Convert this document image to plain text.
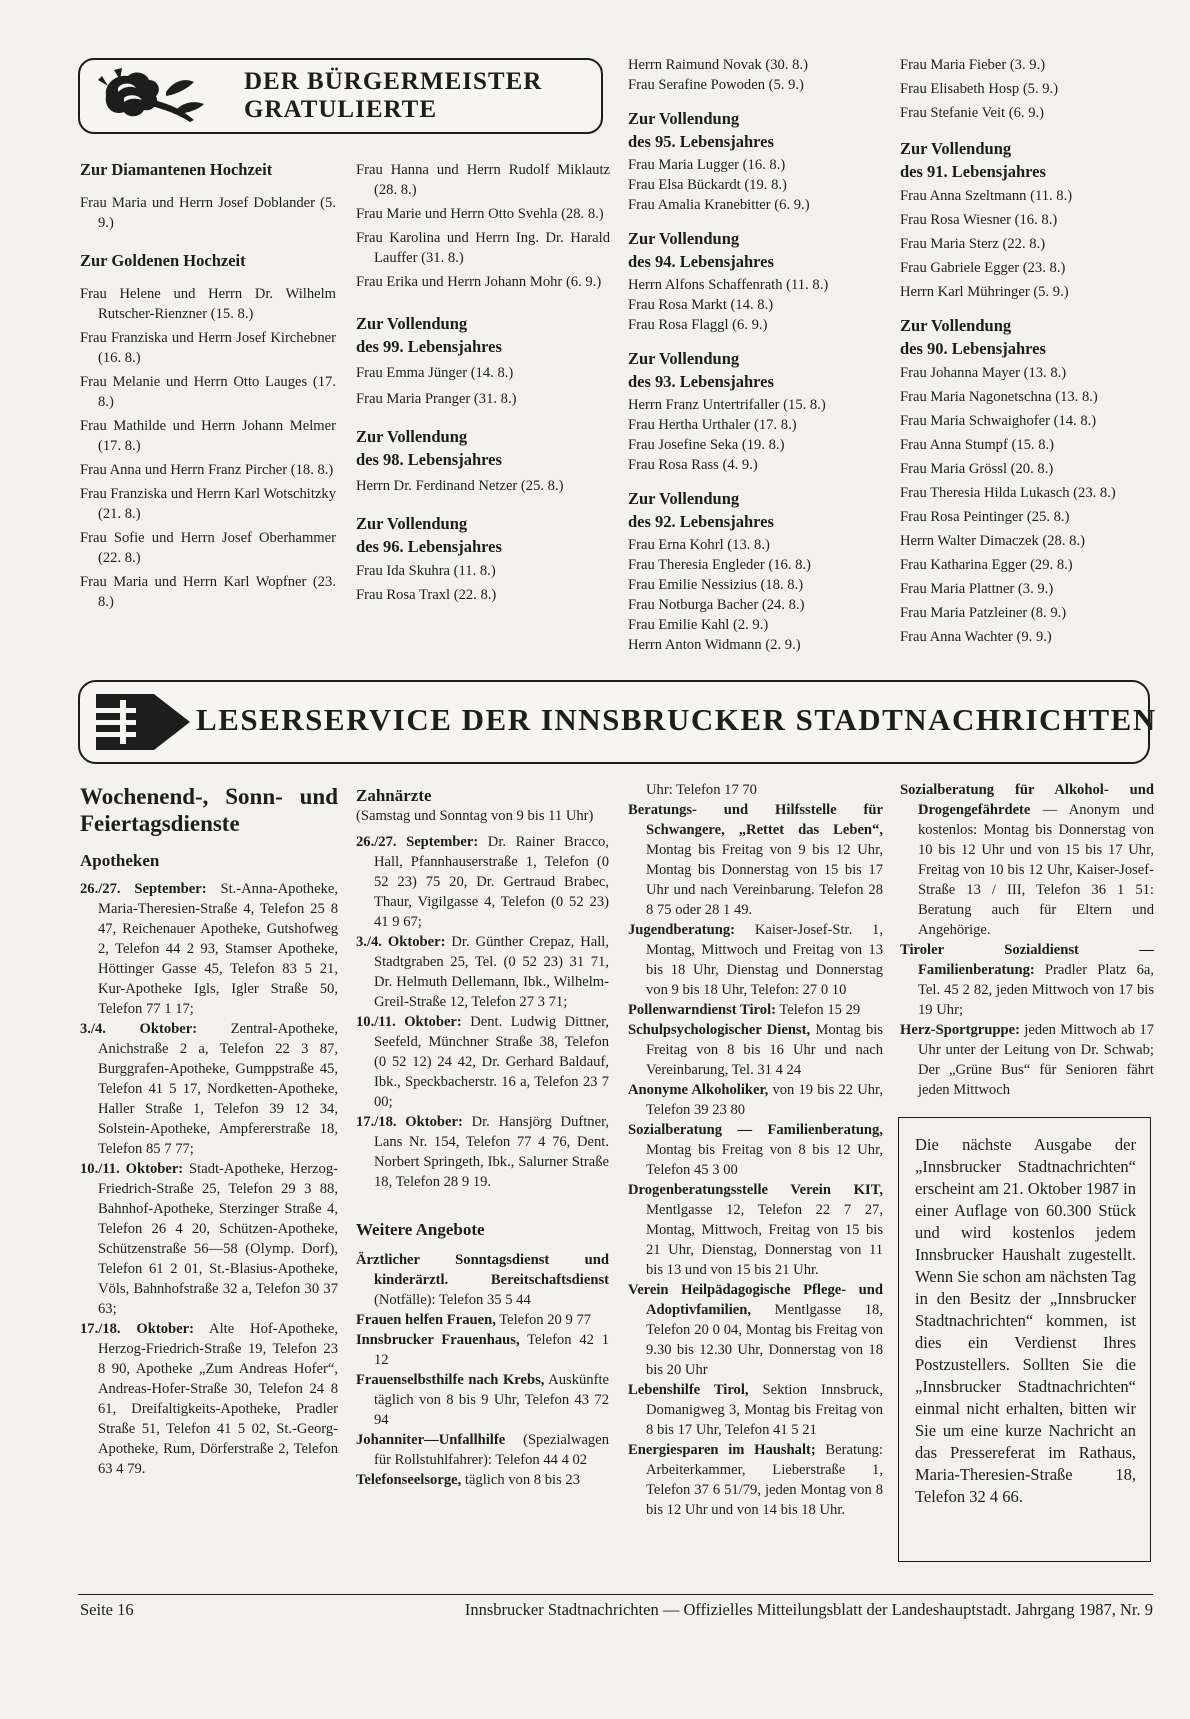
DER BÜRGERMEISTER
GRATULIERTE
Zur Diamantenen Hochzeit

Frau Maria und Herrn Josef Doblander (5. 9.)

Zur Goldenen Hochzeit

Frau Helene und Herrn Dr. Wilhelm Rutscher-Rienzner (15. 8.)

Frau Franziska und Herrn Josef Kirchebner (16. 8.)

Frau Melanie und Herrn Otto Lauges (17. 8.)

Frau Mathilde und Herrn Johann Melmer (17. 8.)

Frau Anna und Herrn Franz Pircher (18. 8.)

Frau Franziska und Herrn Karl Wotschitzky (21. 8.)

Frau Sofie und Herrn Josef Oberhammer (22. 8.)

Frau Maria und Herrn Karl Wopfner (23. 8.)

Frau Hanna und Herrn Rudolf Miklautz (28. 8.)

Frau Marie und Herrn Otto Svehla (28. 8.)

Frau Karolina und Herrn Ing. Dr. Harald Lauffer (31. 8.)

Frau Erika und Herrn Johann Mohr (6. 9.)

Zur Vollendung
des 99. Lebensjahres

Frau Emma Jünger (14. 8.)

Frau Maria Pranger (31. 8.)

Zur Vollendung
des 98. Lebensjahres

Herrn Dr. Ferdinand Netzer (25. 8.)

Zur Vollendung
des 96. Lebensjahres

Frau Ida Skuhra (11. 8.)

Frau Rosa Traxl (22. 8.)

Herrn Raimund Novak (30. 8.)

Frau Serafine Powoden (5. 9.)

Zur Vollendung
des 95. Lebensjahres

Frau Maria Lugger (16. 8.)

Frau Elsa Bückardt (19. 8.)

Frau Amalia Kranebitter (6. 9.)

Zur Vollendung
des 94. Lebensjahres

Herrn Alfons Schaffenrath (11. 8.)

Frau Rosa Markt (14. 8.)

Frau Rosa Flaggl (6. 9.)

Zur Vollendung
des 93. Lebensjahres

Herrn Franz Untertrifaller (15. 8.)

Frau Hertha Urthaler (17. 8.)

Frau Josefine Seka (19. 8.)

Frau Rosa Rass (4. 9.)

Zur Vollendung
des 92. Lebensjahres

Frau Erna Kohrl (13. 8.)

Frau Theresia Engleder (16. 8.)

Frau Emilie Nessizius (18. 8.)

Frau Notburga Bacher (24. 8.)

Frau Emilie Kahl (2. 9.)

Herrn Anton Widmann (2. 9.)

Frau Maria Fieber (3. 9.)

Frau Elisabeth Hosp (5. 9.)

Frau Stefanie Veit (6. 9.)

Zur Vollendung
des 91. Lebensjahres

Frau Anna Szeltmann (11. 8.)

Frau Rosa Wiesner (16. 8.)

Frau Maria Sterz (22. 8.)

Frau Gabriele Egger (23. 8.)

Herrn Karl Mühringer (5. 9.)

Zur Vollendung
des 90. Lebensjahres

Frau Johanna Mayer (13. 8.)

Frau Maria Nagonetschna (13. 8.)

Frau Maria Schwaighofer (14. 8.)

Frau Anna Stumpf (15. 8.)

Frau Maria Grössl (20. 8.)

Frau Theresia Hilda Lukasch (23. 8.)

Frau Rosa Peintinger (25. 8.)

Herrn Walter Dimaczek (28. 8.)

Frau Katharina Egger (29. 8.)

Frau Maria Plattner (3. 9.)

Frau Maria Patzleiner (8. 9.)

Frau Anna Wachter (9. 9.)

LESERSERVICE DER INNSBRUCKER STADTNACHRICHTEN
Wochenend-, Sonn- und Feiertagsdienste
Apotheken

26./27. September: St.-Anna-Apotheke, Maria-Theresien-Straße 4, Telefon 25 8 47, Reichenauer Apotheke, Gutshofweg 2, Telefon 44 2 93, Stamser Apotheke, Höttinger Gasse 45, Telefon 83 5 21, Kur-Apotheke Igls, Igler Straße 50, Telefon 77 1 17;

3./4. Oktober: Zentral-Apotheke, Anichstraße 2 a, Telefon 22 3 87, Burggrafen-Apotheke, Gumppstraße 45, Telefon 41 5 17, Nordketten-Apotheke, Haller Straße 1, Telefon 39 12 34, Solstein-Apotheke, Ampfererstraße 18, Telefon 85 7 77;

10./11. Oktober: Stadt-Apotheke, Herzog-Friedrich-Straße 25, Telefon 29 3 88, Bahnhof-Apotheke, Sterzinger Straße 4, Telefon 26 4 20, Schützen-Apotheke, Schützenstraße 56—58 (Olymp. Dorf), Telefon 61 2 01, St.-Blasius-Apotheke, Völs, Bahnhofstraße 32 a, Telefon 30 37 63;

17./18. Oktober: Alte Hof-Apotheke, Herzog-Friedrich-Straße 19, Telefon 23 8 90, Apotheke „Zum Andreas Hofer“, Andreas-Hofer-Straße 30, Telefon 24 8 61, Dreifaltigkeits-Apotheke, Pradler Straße 51, Telefon 41 5 02, St.-Georg-Apotheke, Rum, Dörferstraße 2, Telefon 63 4 79.

Zahnärzte

(Samstag und Sonntag von 9 bis 11 Uhr)

26./27. September: Dr. Rainer Bracco, Hall, Pfannhauserstraße 1, Telefon (0 52 23) 75 20, Dr. Gertraud Brabec, Thaur, Vigilgasse 4, Telefon (0 52 23) 41 9 67;

3./4. Oktober: Dr. Günther Crepaz, Hall, Stadtgraben 25, Tel. (0 52 23) 31 71, Dr. Helmuth Dellemann, Ibk., Wilhelm-Greil-Straße 12, Telefon 27 3 71;

10./11. Oktober: Dent. Ludwig Dittner, Seefeld, Münchner Straße 38, Telefon (0 52 12) 24 42, Dr. Gerhard Baldauf, Ibk., Speckbacherstr. 16 a, Telefon 23 7 00;

17./18. Oktober: Dr. Hansjörg Duftner, Lans Nr. 154, Telefon 77 4 76, Dent. Norbert Springeth, Ibk., Salurner Straße 18, Telefon 28 9 19.

Weitere Angebote

Ärztlicher Sonntagsdienst und kinderärztl. Bereitschaftsdienst (Notfälle): Telefon 35 5 44

Frauen helfen Frauen, Telefon 20 9 77

Innsbrucker Frauenhaus, Telefon 42 1 12

Frauenselbsthilfe nach Krebs, Auskünfte täglich von 8 bis 9 Uhr, Telefon 43 72 94

Johanniter—Unfallhilfe (Spezialwagen für Rollstuhlfahrer): Telefon 44 4 02

Telefonseelsorge, täglich von 8 bis 23

Uhr: Telefon 17 70

Beratungs- und Hilfsstelle für Schwangere, „Rettet das Leben“, Montag bis Freitag von 9 bis 12 Uhr, Montag bis Donnerstag von 15 bis 17 Uhr und nach Vereinbarung. Telefon 28 8 75 oder 28 1 49.

Jugendberatung: Kaiser-Josef-Str. 1, Montag, Mittwoch und Freitag von 13 bis 18 Uhr, Dienstag und Donnerstag von 9 bis 18 Uhr, Telefon: 27 0 10

Pollenwarndienst Tirol: Telefon 15 29

Schulpsychologischer Dienst, Montag bis Freitag von 8 bis 16 Uhr und nach Vereinbarung, Tel. 31 4 24

Anonyme Alkoholiker, von 19 bis 22 Uhr, Telefon 39 23 80

Sozialberatung — Familienberatung, Montag bis Freitag von 8 bis 12 Uhr, Telefon 45 3 00

Drogenberatungsstelle Verein KIT, Mentlgasse 12, Telefon 22 7 27, Montag, Mittwoch, Freitag von 15 bis 21 Uhr, Dienstag, Donnerstag von 11 bis 13 und von 15 bis 21 Uhr.

Verein Heilpädagogische Pflege- und Adoptivfamilien, Mentlgasse 18, Telefon 20 0 04, Montag bis Freitag von 9.30 bis 12.30 Uhr, Donnerstag von 18 bis 20 Uhr

Lebenshilfe Tirol, Sektion Innsbruck, Domanigweg 3, Montag bis Freitag von 8 bis 17 Uhr, Telefon 41 5 21

Energiesparen im Haushalt; Beratung: Arbeiterkammer, Lieberstraße 1, Telefon 37 6 51/79, jeden Montag von 8 bis 12 Uhr und von 14 bis 18 Uhr.

Sozialberatung für Alkohol- und Drogengefährdete — Anonym und kostenlos: Montag bis Donnerstag von 10 bis 12 Uhr und von 15 bis 17 Uhr, Freitag von 10 bis 12 Uhr, Kaiser-Josef-Straße 13 / III, Telefon 36 1 51: Beratung auch für Eltern und Angehörige.

Tiroler Sozialdienst — Familienberatung: Pradler Platz 6a, Tel. 45 2 82, jeden Mittwoch von 17 bis 19 Uhr;

Herz-Sportgruppe: jeden Mittwoch ab 17 Uhr unter der Leitung von Dr. Schwab; Der „Grüne Bus“ für Senioren fährt jeden Mittwoch

Die nächste Ausgabe der „Innsbrucker Stadtnachrichten“ erscheint am 21. Oktober 1987 in einer Auflage von 60.300 Stück und wird kostenlos jedem Innsbrucker Haushalt zugestellt. Wenn Sie schon am nächsten Tag in den Besitz der „Innsbrucker Stadtnachrichten“ kommen, ist dies ein Verdienst Ihres Postzustellers. Sollten Sie die „Innsbrucker Stadtnachrichten“ einmal nicht erhalten, bitten wir Sie um eine kurze Nachricht an das Pressereferat im Rathaus, Maria-Theresien-Straße 18, Telefon 32 4 66.
Seite 16	Innsbrucker Stadtnachrichten — Offizielles Mitteilungsblatt der Landeshauptstadt. Jahrgang 1987, Nr. 9
